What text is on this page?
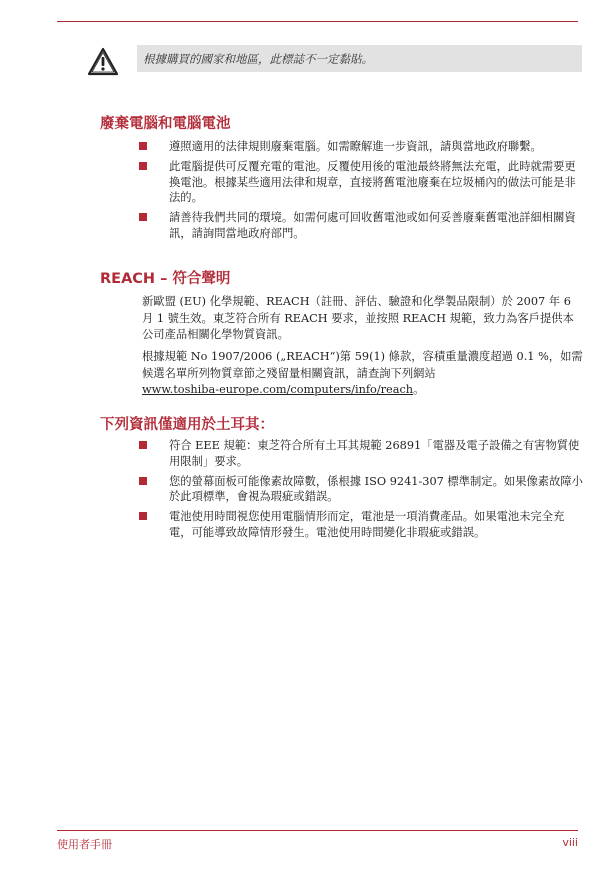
根據購買的國家和地區，此標誌不一定黏貼。
廢棄電腦和電腦電池
遵照適用的法律規則廢棄電腦。如需瞭解進一步資訊，請與當地政府聯繫。
此電腦提供可反覆充電的電池。反覆使用後的電池最終將無法充電，此時就需要更換電池。根據某些適用法律和規章，直接將舊電池廢棄在垃圾桶內的做法可能是非法的。
請善待我們共同的環境。如需何處可回收舊電池或如何妥善廢棄舊電池詳細相關資訊，請詢問當地政府部門。
REACH – 符合聲明

新歐盟 (EU) 化學規範、REACH（註冊、評估、驗證和化學製品限制）於 2007 年 6 月 1 號生效。東芝符合所有 REACH 要求，並按照 REACH 規範，致力為客戶提供本公司產品相關化學物質資訊。

根據規範 No 1907/2006 („REACH“)第 59(1) 條款，容積重量濃度超過 0.1 %，如需候選名單所列物質章節之殘留量相關資訊，請查詢下列網站
www.toshiba-europe.com/computers/info/reach。

下列資訊僅適用於土耳其：
符合 EEE 規範：東芝符合所有土耳其規範 26891「電器及電子設備之有害物質使用限制」要求。
您的螢幕面板可能像素故障數，係根據 ISO 9241-307 標準制定。如果像素故障小於此項標準，會視為瑕疵或錯誤。
電池使用時間視您使用電腦情形而定，電池是一項消費產品。如果電池未完全充電，可能導致故障情形發生。電池使用時間變化非瑕疵或錯誤。
使用者手冊	viii
